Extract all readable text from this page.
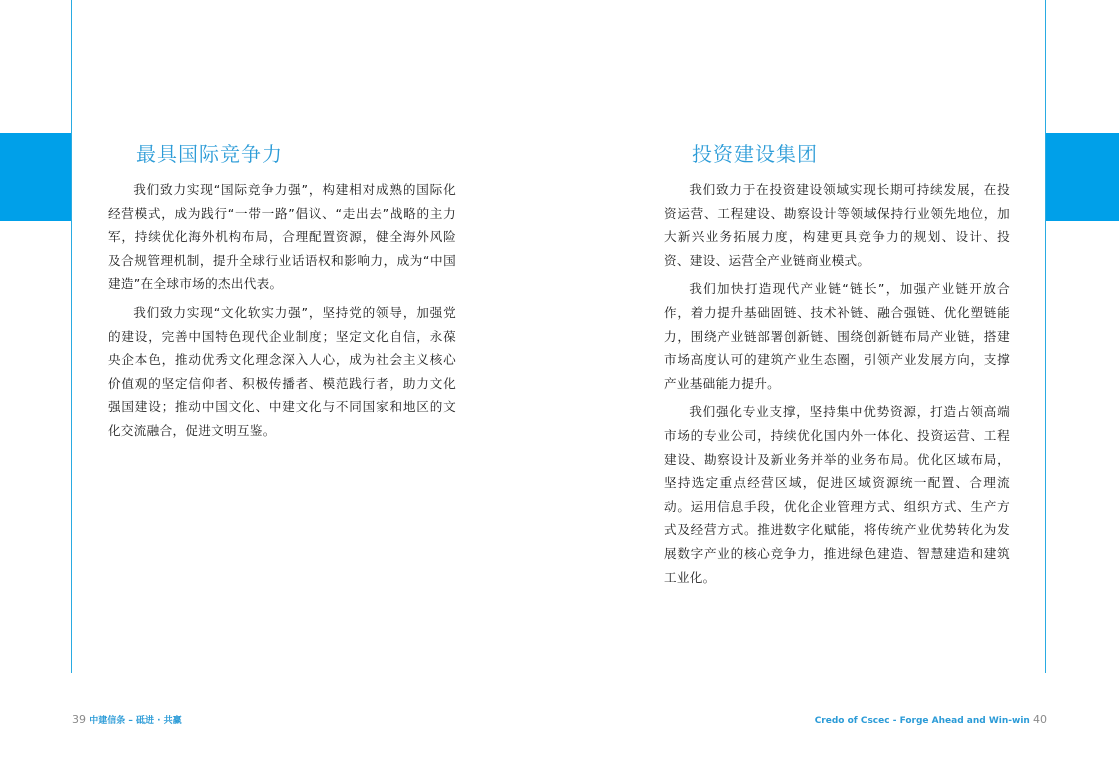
最具国际竞争力

我们致力实现“国际竞争力强”，构建相对成熟的国际化经营模式，成为践行“一带一路”倡议、“走出去”战略的主力军，持续优化海外机构布局，合理配置资源，健全海外风险及合规管理机制，提升全球行业话语权和影响力，成为“中国建造”在全球市场的杰出代表。

我们致力实现“文化软实力强”，坚持党的领导，加强党的建设，完善中国特色现代企业制度；坚定文化自信，永葆央企本色，推动优秀文化理念深入人心，成为社会主义核心价值观的坚定信仰者、积极传播者、模范践行者，助力文化强国建设；推动中国文化、中建文化与不同国家和地区的文化交流融合，促进文明互鉴。

投资建设集团

我们致力于在投资建设领域实现长期可持续发展，在投资运营、工程建设、勘察设计等领域保持行业领先地位，加大新兴业务拓展力度，构建更具竞争力的规划、设计、投资、建设、运营全产业链商业模式。

我们加快打造现代产业链“链长”，加强产业链开放合作，着力提升基础固链、技术补链、融合强链、优化塑链能力，围绕产业链部署创新链、围绕创新链布局产业链，搭建市场高度认可的建筑产业生态圈，引领产业发展方向，支撑产业基础能力提升。

我们强化专业支撑，坚持集中优势资源，打造占领高端市场的专业公司，持续优化国内外一体化、投资运营、工程建设、勘察设计及新业务并举的业务布局。优化区域布局，坚持选定重点经营区域，促进区域资源统一配置、合理流动。运用信息手段，优化企业管理方式、组织方式、生产方式及经营方式。推进数字化赋能，将传统产业优势转化为发展数字产业的核心竞争力，推进绿色建造、智慧建造和建筑工业化。

39 中建信条 – 砥进 · 共赢	Credo of Cscec - Forge Ahead and Win-win 40
